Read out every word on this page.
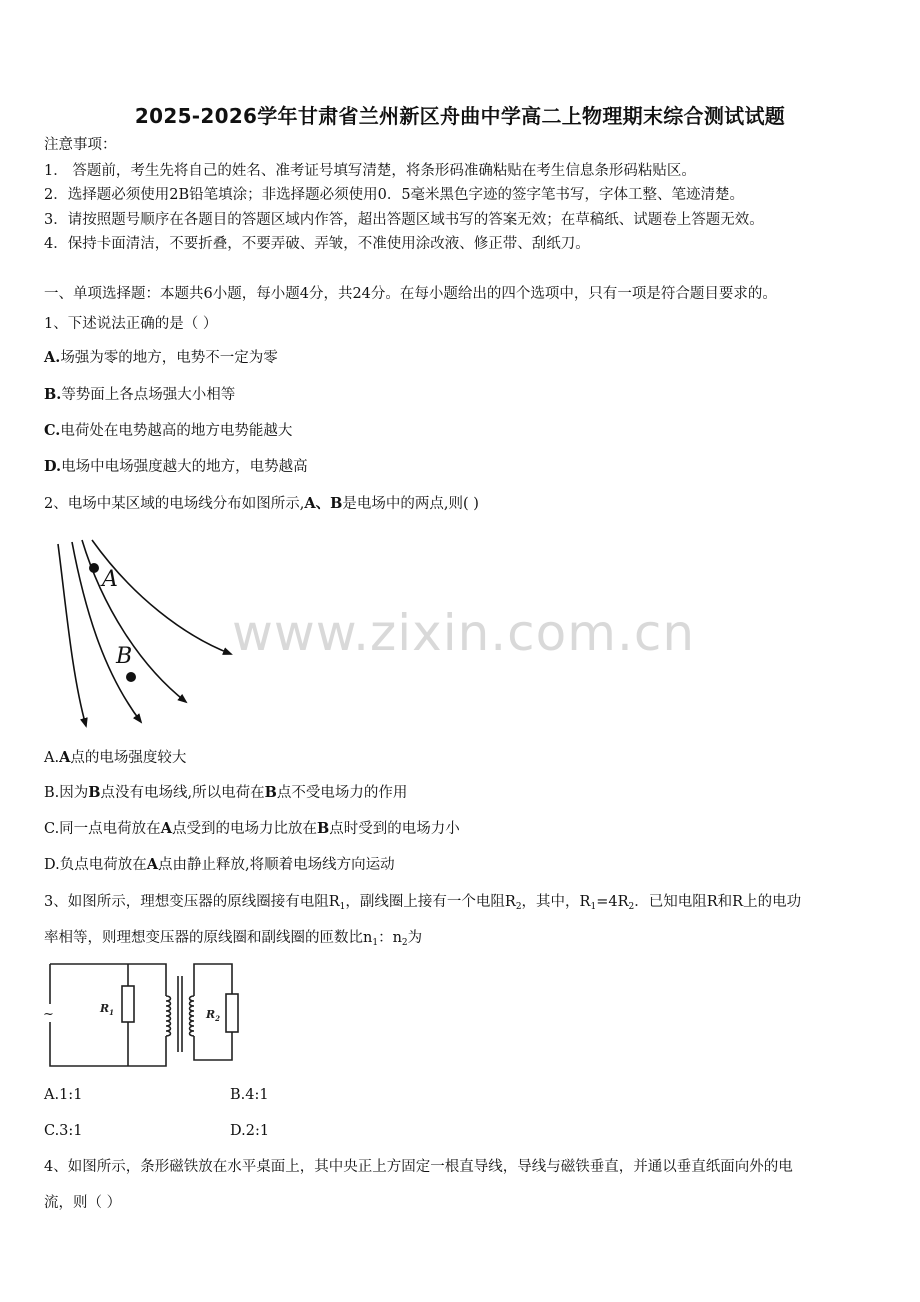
2025-2026学年甘肃省兰州新区舟曲中学高二上物理期末综合测试试题
注意事项：
1． 答题前，考生先将自己的姓名、准考证号填写清楚，将条形码准确粘贴在考生信息条形码粘贴区。
2．选择题必须使用2B铅笔填涂；非选择题必须使用0．5毫米黑色字迹的签字笔书写，字体工整、笔迹清楚。
3．请按照题号顺序在各题目的答题区域内作答，超出答题区域书写的答案无效；在草稿纸、试题卷上答题无效。
4．保持卡面清洁，不要折叠，不要弄破、弄皱，不准使用涂改液、修正带、刮纸刀。
一、单项选择题：本题共6小题，每小题4分，共24分。在每小题给出的四个选项中，只有一项是符合题目要求的。
1、下述说法正确的是（ ）
A.场强为零的地方，电势不一定为零
B.等势面上各点场强大小相等
C.电荷处在电势越高的地方电势能越大
D.电场中电场强度越大的地方，电势越高
2、电场中某区域的电场线分布如图所示,A、B是电场中的两点,则( )
A
B www.zixin.com.cn
A.A点的电场强度较大
B.因为B点没有电场线,所以电荷在B点不受电场力的作用
C.同一点电荷放在A点受到的电场力比放在B点时受到的电场力小
D.负点电荷放在A点由静止释放,将顺着电场线方向运动
3、如图所示，理想变压器的原线圈接有电阻$R_1$，副线圈上接有一个电阻$R_2$，其中，$R_1=4R_2$．已知电阻R和R上的电功
率相等，则理想变压器的原线圈和副线圈的匝数比$n_1$：$n_2$为
~	$R_1$	$R_2$
A.1:1	B.4:1
C.3:1	D.2:1
4、如图所示，条形磁铁放在水平桌面上，其中央正上方固定一根直导线，导线与磁铁垂直，并通以垂直纸面向外的电
流，则（ ）
